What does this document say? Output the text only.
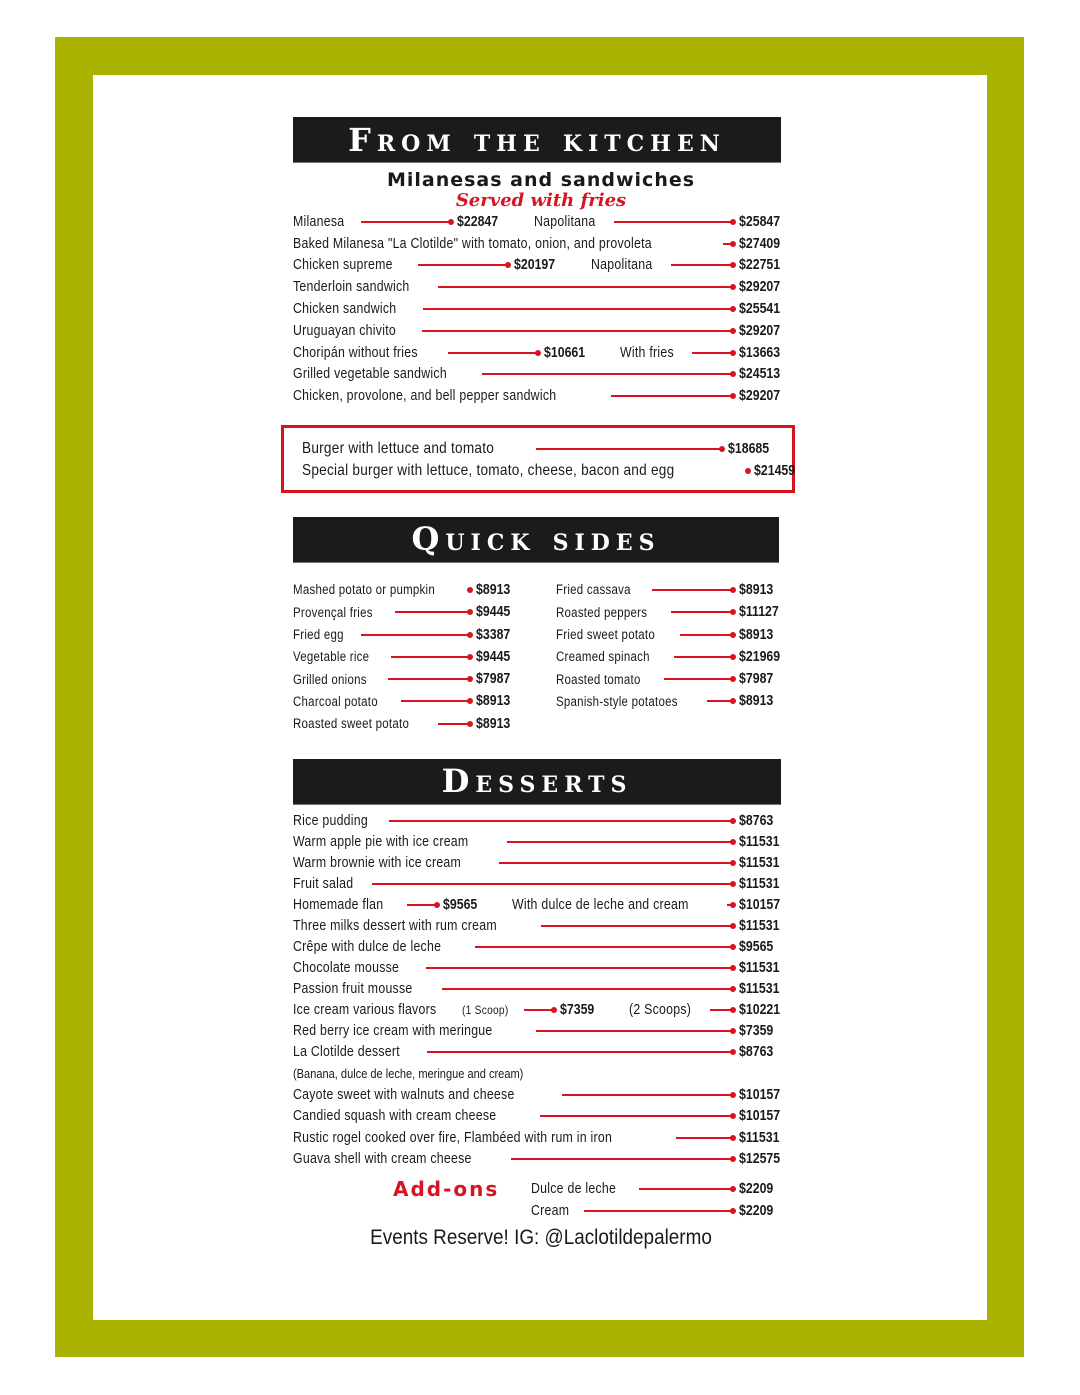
From the kitchen
Milanesas and sandwiches
Served with fries
Milanesa	$22847 Napolitana	$25847
Baked Milanesa "La Clotilde" with tomato, onion, and provoleta	$27409
Chicken supreme	$20197 Napolitana	$22751
Tenderloin sandwich	$29207
Chicken sandwich	$25541
Uruguayan chivito	$29207
Choripán without fries	$10661 With fries	$13663
Grilled vegetable sandwich	$24513
Chicken, provolone, and bell pepper sandwich	$29207
Burger with lettuce and tomato	$18685
Special burger with lettuce, tomato, cheese, bacon and egg	$21459
Quick sides
Mashed potato or pumpkin	$8913
Provençal fries	$9445
Fried egg	$3387
Vegetable rice	$9445
Grilled onions	$7987
Charcoal potato	$8913
Roasted sweet potato	$8913
Fried cassava	$8913
Roasted peppers	$11127
Fried sweet potato	$8913
Creamed spinach	$21969
Roasted tomato	$7987
Spanish-style potatoes	$8913
Desserts
Rice pudding	$8763
Warm apple pie with ice cream	$11531
Warm brownie with ice cream	$11531
Fruit salad	$11531
Homemade flan	$9565 With dulce de leche and cream	$10157
Three milks dessert with rum cream	$11531
Crêpe with dulce de leche	$9565
Chocolate mousse	$11531
Passion fruit mousse	$11531
Ice cream various flavors (1 Scoop)	$7359 (2 Scoops)	$10221
Red berry ice cream with meringue	$7359
La Clotilde dessert	$8763
(Banana, dulce de leche, meringue and cream)
Cayote sweet with walnuts and cheese	$10157
Candied squash with cream cheese	$10157
Rustic rogel cooked over fire, Flambéed with rum in iron	$11531
Guava shell with cream cheese	$12575
Add-ons	Dulce de leche	$2209
Cream	$2209
Events Reserve! IG: @Laclotildepalermo
